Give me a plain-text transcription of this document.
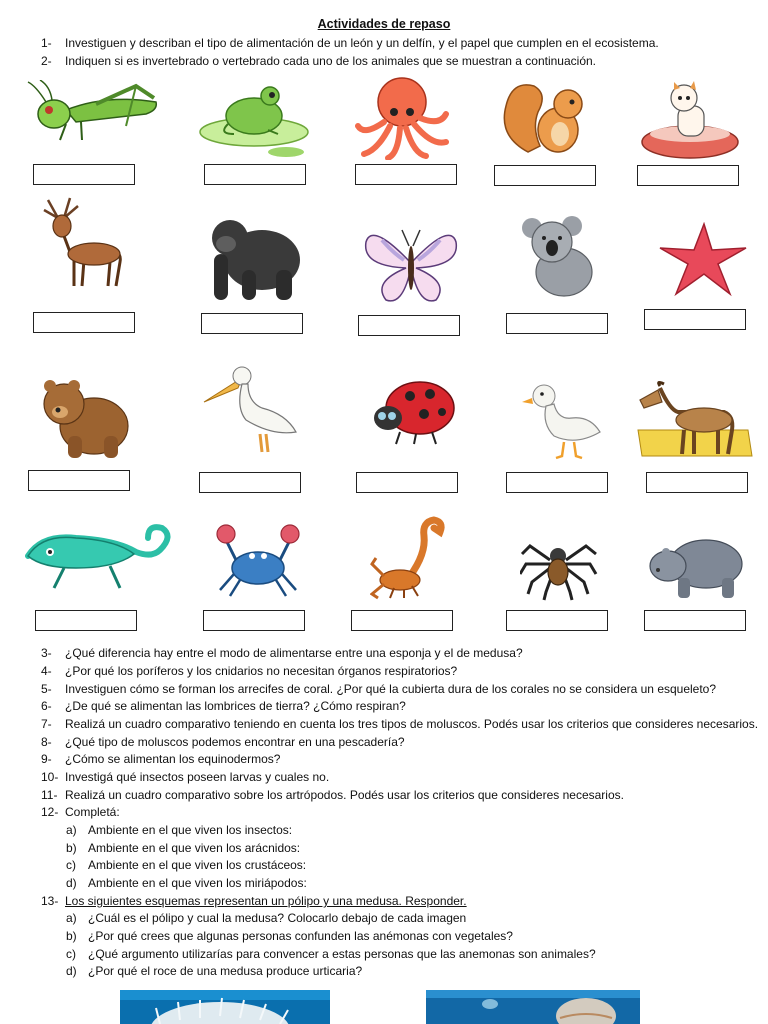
Actividades de repaso
1- Investiguen y describan el tipo de alimentación de un león y un delfín, y el papel que cumplen en el ecosistema.
2- Indiquen si es invertebrado o vertebrado cada uno de los animales que se muestran a continuación.
3- ¿Qué diferencia hay entre el modo de alimentarse entre una esponja y el de medusa?
4- ¿Por qué los poríferos y los cnidarios no necesitan órganos respiratorios?
5- Investiguen cómo se forman los arrecifes de coral. ¿Por qué la cubierta dura de los corales no se considera un esqueleto?
6- ¿De qué se alimentan las lombrices de tierra? ¿Cómo respiran?
7- Realizá un cuadro comparativo teniendo en cuenta los tres tipos de moluscos. Podés usar los criterios que consideres necesarios.
8- ¿Qué tipo de moluscos podemos encontrar en una pescadería?
9- ¿Cómo se alimentan los equinodermos?
10- Investigá qué insectos poseen larvas y cuales no.
11- Realizá un cuadro comparativo sobre los artrópodos. Podés usar los criterios que consideres necesarios.
12- Completá:
a) Ambiente en el que viven los insectos:
b) Ambiente en el que viven los arácnidos:
c) Ambiente en el que viven los crustáceos:
d) Ambiente en el que viven los miriápodos:
13- Los siguientes esquemas representan un pólipo y una medusa. Responder.
a) ¿Cuál es el pólipo y cual la medusa? Colocarlo debajo de cada imagen
b) ¿Por qué crees que algunas personas confunden las anémonas con vegetales?
c) ¿Qué argumento utilizarías para convencer a estas personas que las anemonas son animales?
d) ¿Por qué el roce de una medusa produce urticaria?
